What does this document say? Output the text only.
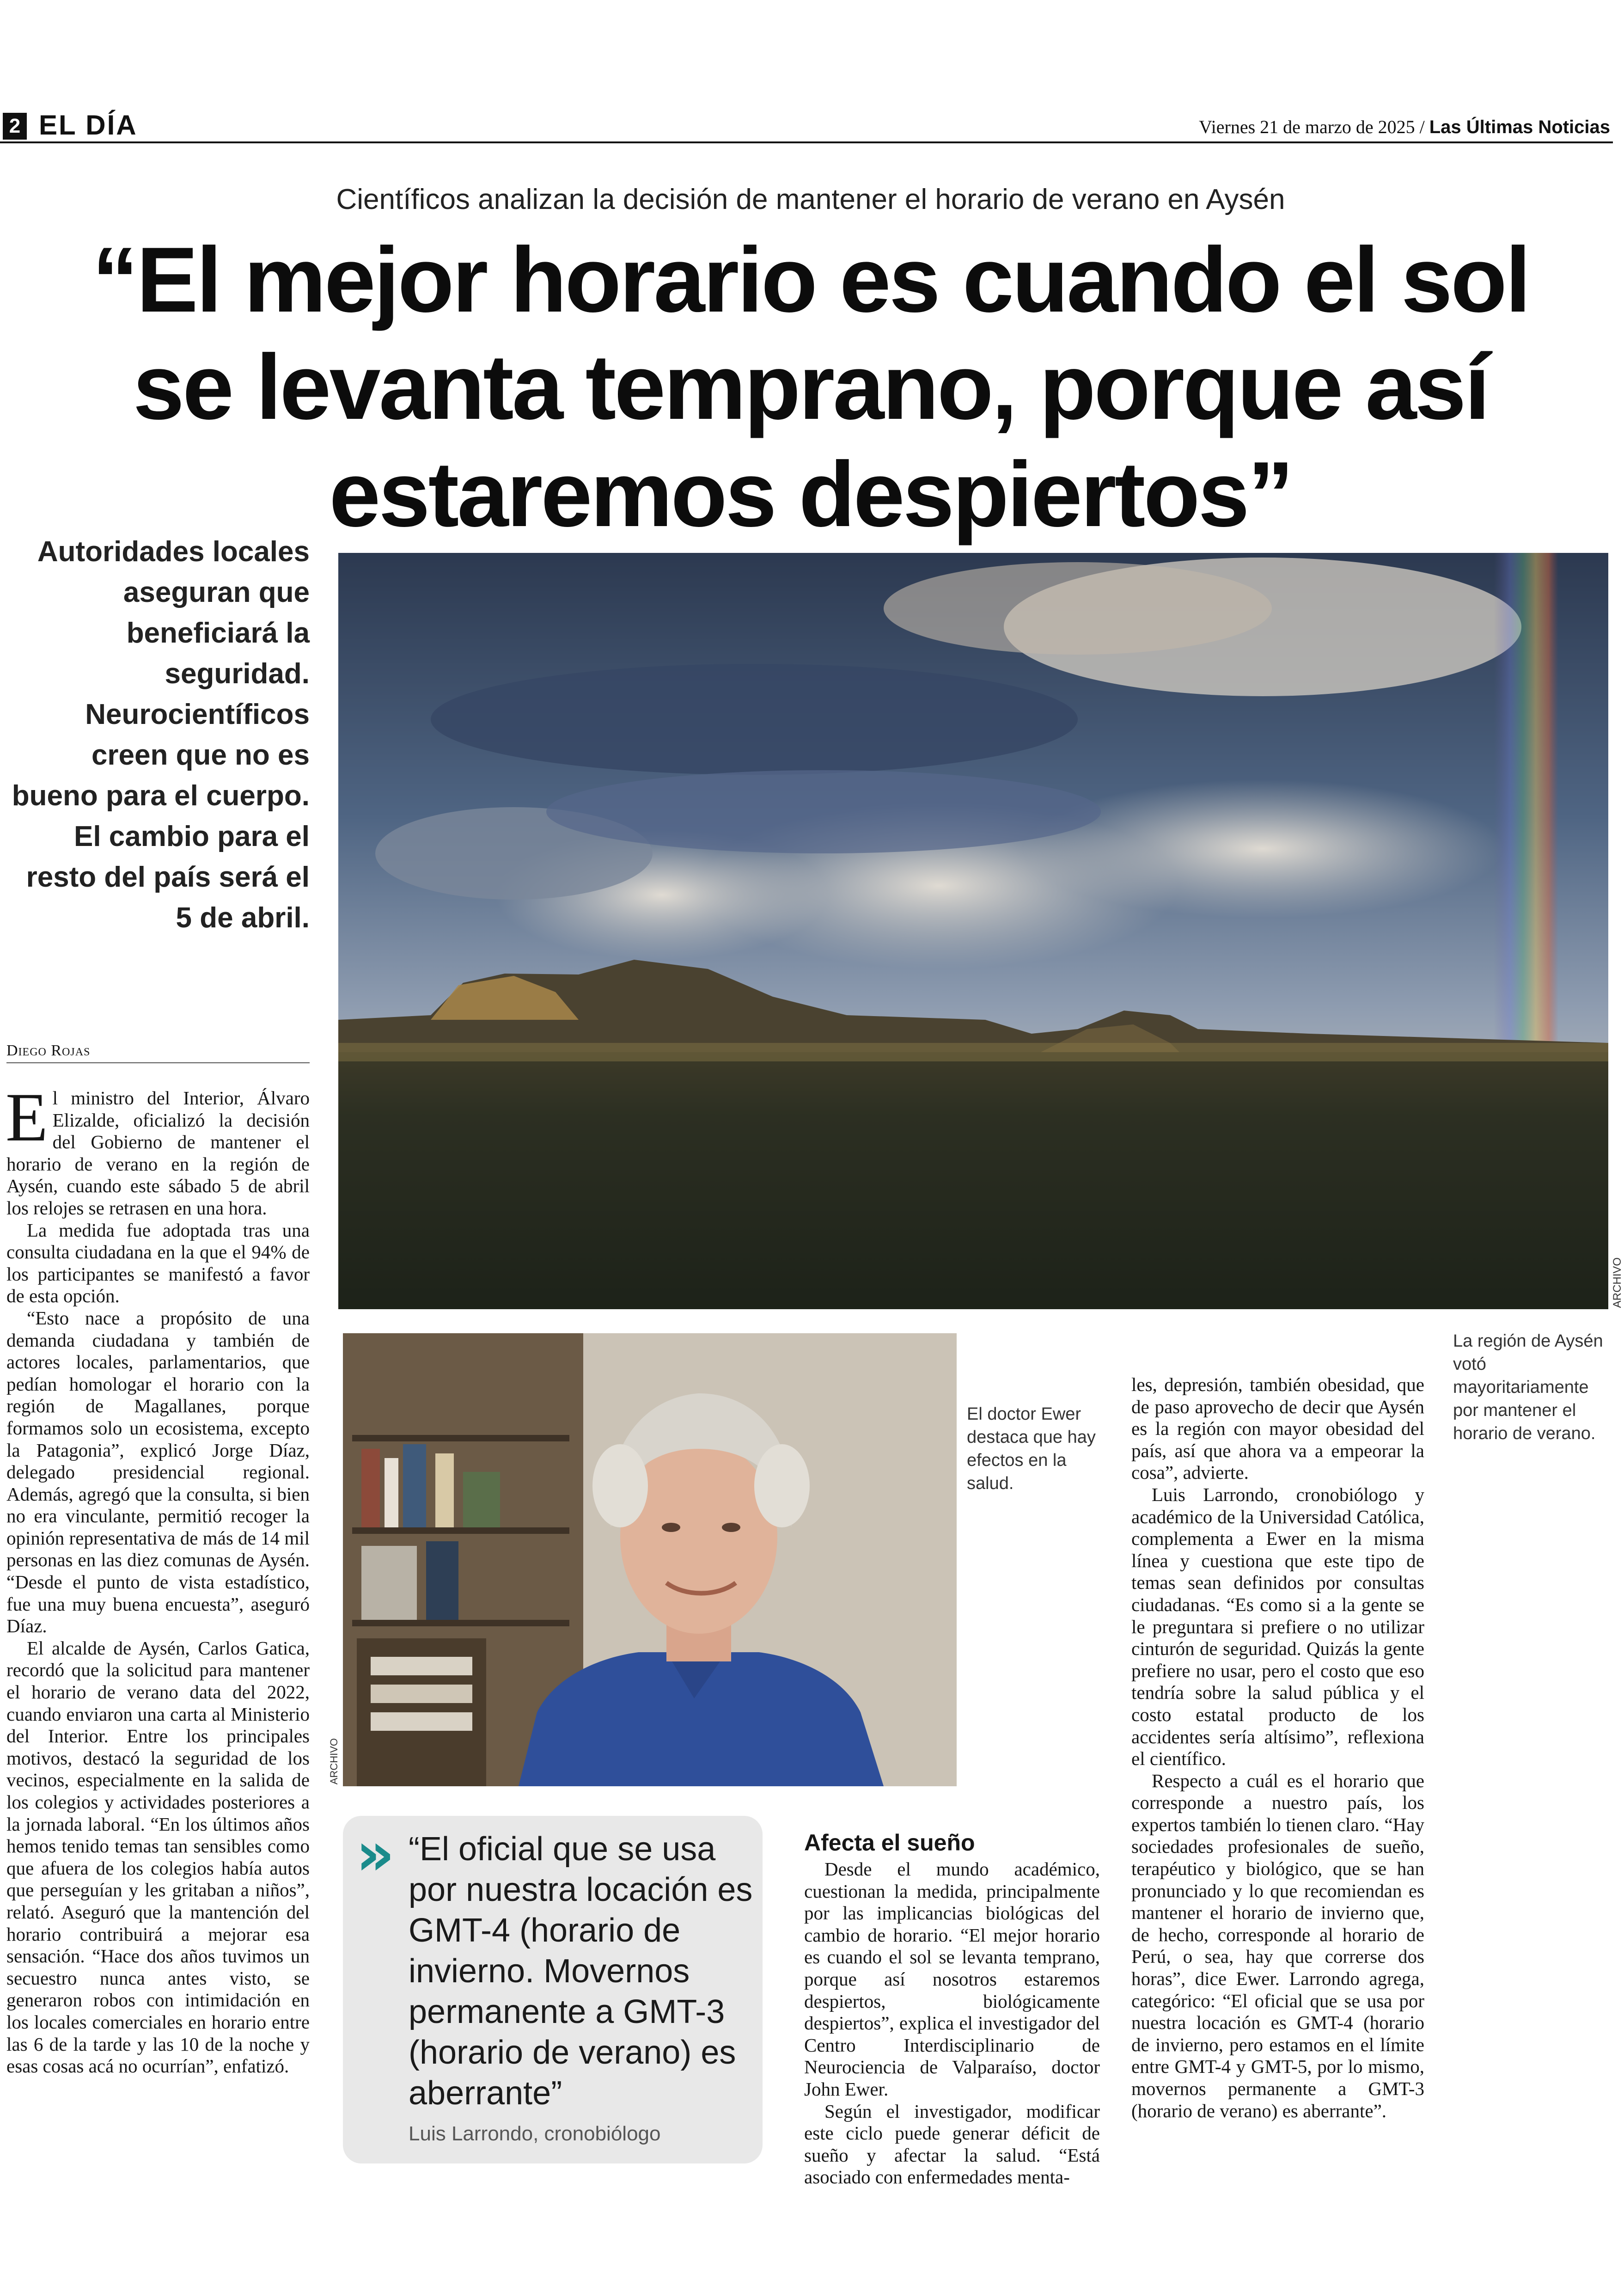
2 EL DÍA	Viernes 21 de marzo de 2025 / Las Últimas Noticias
Científicos analizan la decisión de mantener el horario de verano en Aysén
“El mejor horario es cuando el sol se levanta temprano, porque así estaremos despiertos”
Autoridades locales aseguran que beneficiará la seguridad. Neurocientíficos creen que no es bueno para el cuerpo. El cambio para el resto del país será el 5 de abril.
ARCHIVO
Diego Rojas

El ministro del Interior, Álvaro Elizalde, oficializó la decisión del Gobierno de mantener el horario de verano en la región de Aysén, cuando este sábado 5 de abril los relojes se retrasen en una hora.

La medida fue adoptada tras una consulta ciudadana en la que el 94% de los participantes se manifestó a favor de esta opción.

“Esto nace a propósito de una demanda ciudadana y también de actores locales, parlamentarios, que pedían homologar el horario con la región de Magallanes, porque formamos solo un ecosistema, excepto la Patagonia”, explicó Jorge Díaz, delegado presidencial regional. Además, agregó que la consulta, si bien no era vinculante, permitió recoger la opinión representativa de más de 14 mil personas en las diez comunas de Aysén. “Desde el punto de vista estadístico, fue una muy buena encuesta”, aseguró Díaz.

El alcalde de Aysén, Carlos Gatica, recordó que la solicitud para mantener el horario de verano data del 2022, cuando enviaron una carta al Ministerio del Interior. Entre los principales motivos, destacó la seguridad de los vecinos, especialmente en la salida de los colegios y actividades posteriores a la jornada laboral. “En los últimos años hemos tenido temas tan sensibles como que afuera de los colegios había autos que perseguían y les gritaban a niños”, relató. Aseguró que la mantención del horario contribuirá a mejorar esa sensación. “Hace dos años tuvimos un secuestro nunca antes visto, se generaron robos con intimidación en los locales comerciales en horario entre las 6 de la tarde y las 10 de la noche y esas cosas acá no ocurrían”, enfatizó.

ARCHIVO
El doctor Ewer destaca que hay efectos en la salud.
» “El oficial que se usa por nuestra locación es GMT-4 (horario de invierno. Movernos permanente a GMT-3 (horario de verano) es aberrante”
Luis Larrondo, cronobiólogo
Afecta el sueño

Desde el mundo académico, cuestionan la medida, principalmente por las implicancias biológicas del cambio de horario. “El mejor horario es cuando el sol se levanta temprano, porque así nosotros estaremos despiertos, biológicamente despiertos”, explica el investigador del Centro Interdisciplinario de Neurociencia de Valparaíso, doctor John Ewer.

Según el investigador, modificar este ciclo puede generar déficit de sueño y afectar la salud. “Está asociado con enfermedades menta-

les, depresión, también obesidad, que de paso aprovecho de decir que Aysén es la región con mayor obesidad del país, así que ahora va a empeorar la cosa”, advierte.

Luis Larrondo, cronobiólogo y académico de la Universidad Católica, complementa a Ewer en la misma línea y cuestiona que este tipo de temas sean definidos por consultas ciudadanas. “Es como si a la gente se le preguntara si prefiere o no utilizar cinturón de seguridad. Quizás la gente prefiere no usar, pero el costo que eso tendría sobre la salud pública y el costo estatal producto de los accidentes sería altísimo”, reflexiona el científico.

Respecto a cuál es el horario que corresponde a nuestro país, los expertos también lo tienen claro. “Hay sociedades profesionales de sueño, terapéutico y biológico, que se han pronunciado y lo que recomiendan es mantener el horario de invierno que, de hecho, corresponde al horario de Perú, o sea, hay que correrse dos horas”, dice Ewer. Larrondo agrega, categórico: “El oficial que se usa por nuestra locación es GMT-4 (horario de invierno, pero estamos en el límite entre GMT-4 y GMT-5, por lo mismo, movernos permanente a GMT-3 (horario de verano) es aberrante”.

La región de Aysén votó mayoritariamente por mantener el horario de verano.
